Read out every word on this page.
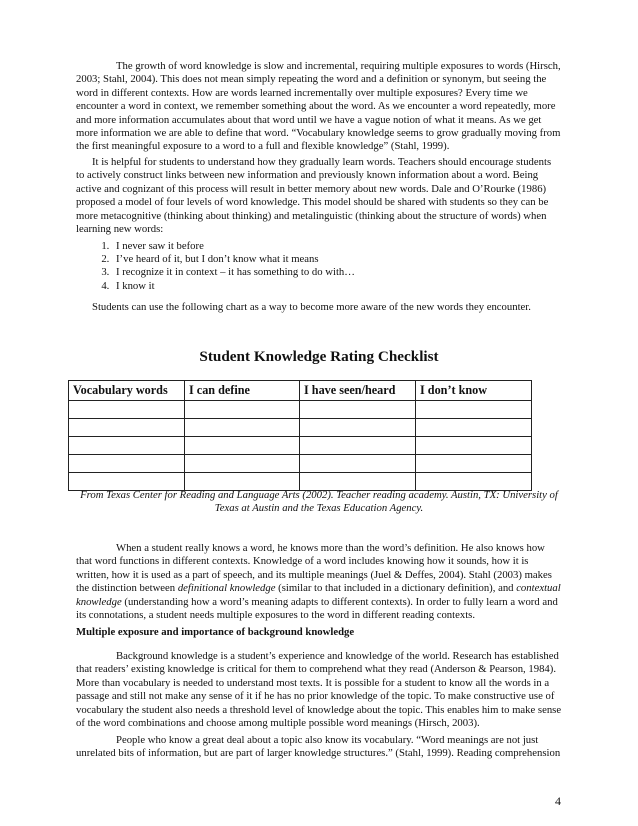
The growth of word knowledge is slow and incremental, requiring multiple exposures to words (Hirsch, 2003; Stahl, 2004). This does not mean simply repeating the word and a definition or synonym, but seeing the word in different contexts. How are words learned incrementally over multiple exposures? Every time we encounter a word in context, we remember something about the word. As we encounter a word repeatedly, more and more information accumulates about that word until we have a vague notion of what it means. As we get more information we are able to define that word. “Vocabulary knowledge seems to grow gradually moving from the first meaningful exposure to a word to a full and flexible knowledge” (Stahl, 1999).

It is helpful for students to understand how they gradually learn words. Teachers should encourage students to actively construct links between new information and previously known information about a word. Being active and cognizant of this process will result in better memory about new words. Dale and O’Rourke (1986) proposed a model of four levels of word knowledge. This model should be shared with students so they can be more metacognitive (thinking about thinking) and metalinguistic (thinking about the structure of words) when learning new words:

1. I never saw it before
2. I’ve heard of it, but I don’t know what it means
3. I recognize it in context – it has something to do with…
4. I know it

Students can use the following chart as a way to become more aware of the new words they encounter.

Student Knowledge Rating Checklist
Vocabulary words	I can define	I have seen/heard	I don’t know

From Texas Center for Reading and Language Arts (2002). Teacher reading academy. Austin, TX: University of Texas at Austin and the Texas Education Agency.

When a student really knows a word, he knows more than the word’s definition. He also knows how that word functions in different contexts. Knowledge of a word includes knowing how it sounds, how it is written, how it is used as a part of speech, and its multiple meanings (Juel & Deffes, 2004). Stahl (2003) makes the distinction between definitional knowledge (similar to that included in a dictionary definition), and contextual knowledge (understanding how a word’s meaning adapts to different contexts). In order to fully learn a word and its connotations, a student needs multiple exposures to the word in different reading contexts.

Multiple exposure and importance of background knowledge

Background knowledge is a student’s experience and knowledge of the world. Research has established that readers’ existing knowledge is critical for them to comprehend what they read (Anderson & Pearson, 1984). More than vocabulary is needed to understand most texts. It is possible for a student to know all the words in a passage and still not make any sense of it if he has no prior knowledge of the topic. To make constructive use of vocabulary the student also needs a threshold level of knowledge about the topic. This enables him to make sense of the word combinations and choose among multiple possible word meanings (Hirsch, 2003).

People who know a great deal about a topic also know its vocabulary. “Word meanings are not just unrelated bits of information, but are part of larger knowledge structures.” (Stahl, 1999). Reading comprehension

4
